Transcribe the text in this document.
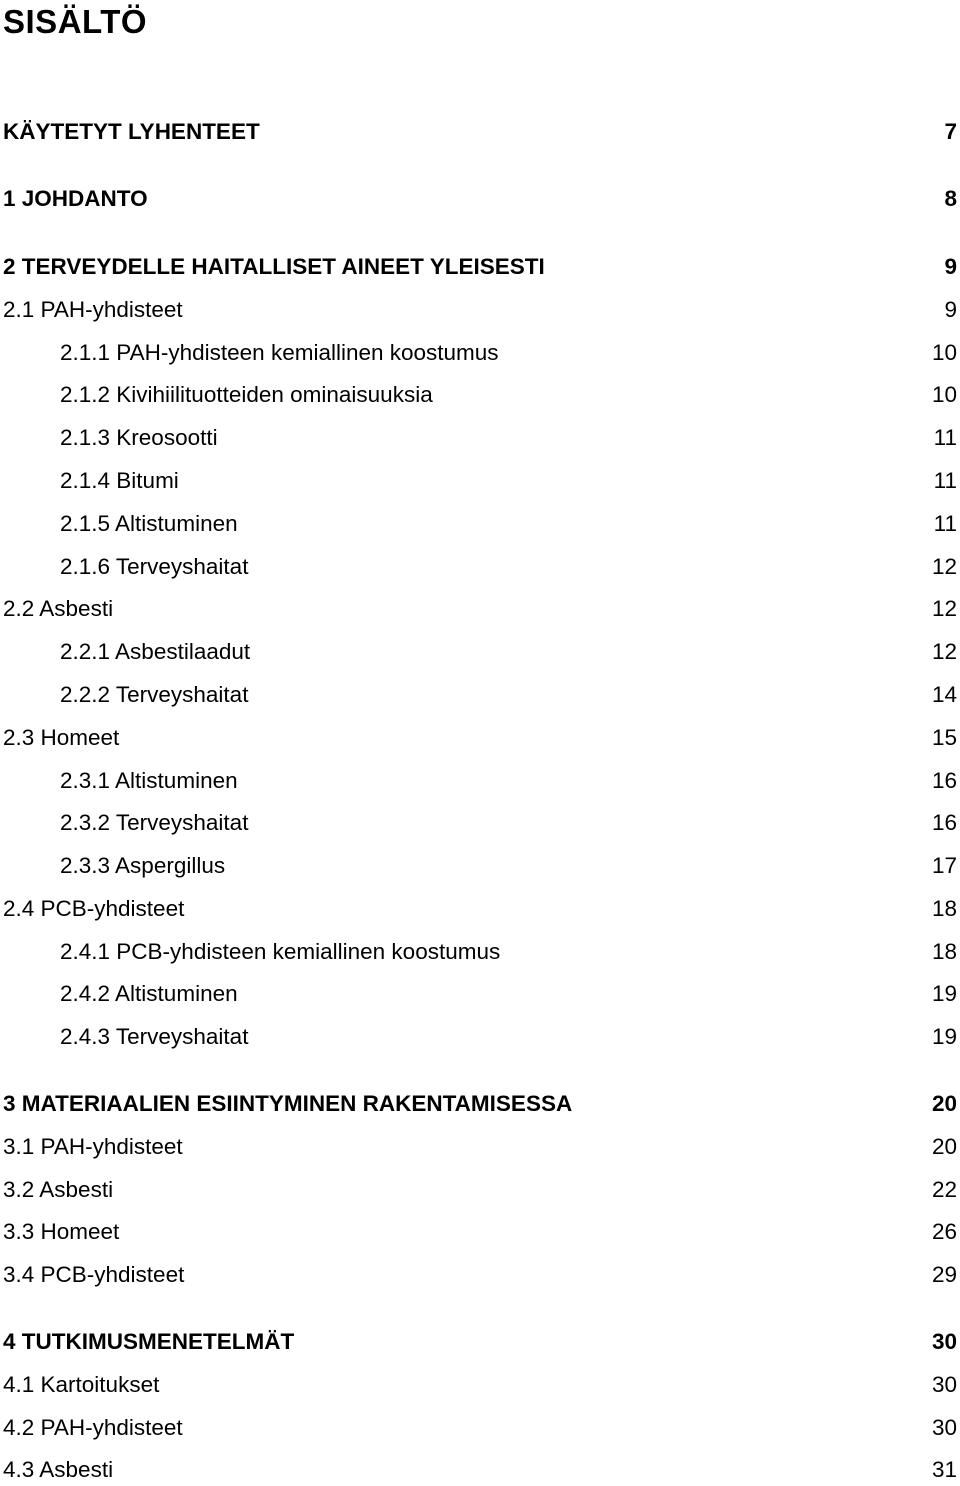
SISÄLTÖ
KÄYTETYT LYHENTEET	7
1 JOHDANTO	8
2 TERVEYDELLE HAITALLISET AINEET YLEISESTI	9
2.1 PAH-yhdisteet	9
2.1.1 PAH-yhdisteen kemiallinen koostumus	10
2.1.2 Kivihiilituotteiden ominaisuuksia	10
2.1.3 Kreosootti	11
2.1.4 Bitumi	11
2.1.5 Altistuminen	11
2.1.6 Terveyshaitat	12
2.2 Asbesti	12
2.2.1 Asbestilaadut	12
2.2.2 Terveyshaitat	14
2.3 Homeet	15
2.3.1 Altistuminen	16
2.3.2 Terveyshaitat	16
2.3.3 Aspergillus	17
2.4 PCB-yhdisteet	18
2.4.1 PCB-yhdisteen kemiallinen koostumus	18
2.4.2 Altistuminen	19
2.4.3 Terveyshaitat	19
3 MATERIAALIEN ESIINTYMINEN RAKENTAMISESSA	20
3.1 PAH-yhdisteet	20
3.2 Asbesti	22
3.3 Homeet	26
3.4 PCB-yhdisteet	29
4 TUTKIMUSMENETELMÄT	30
4.1 Kartoitukset	30
4.2 PAH-yhdisteet	30
4.3 Asbesti	31
